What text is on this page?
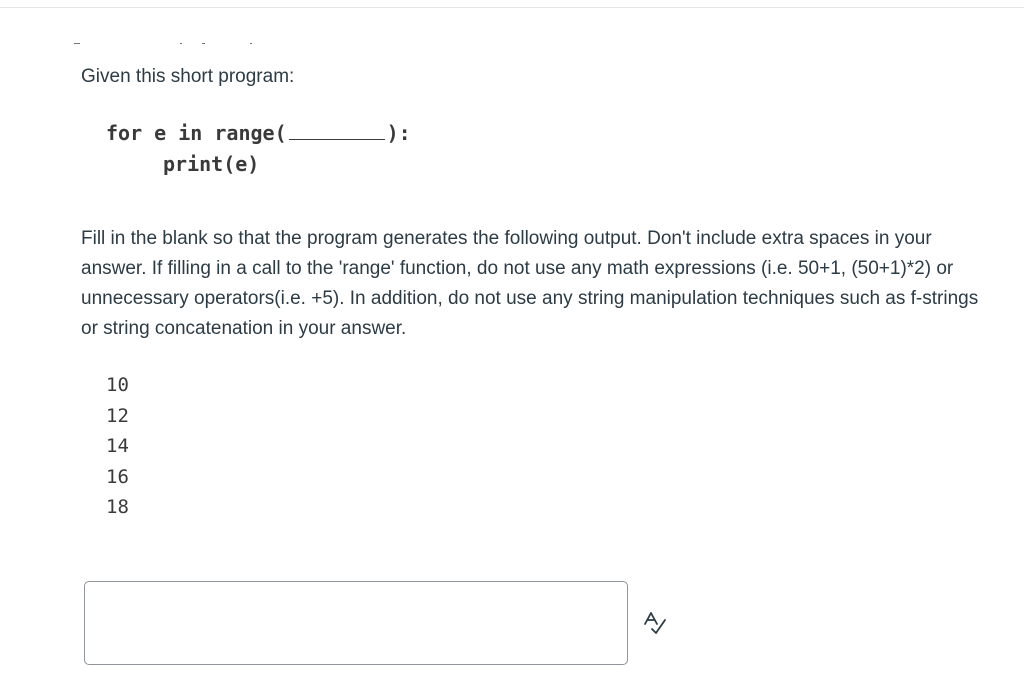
Given this short program:
for e in range(	):
print(e)

Fill in the blank so that the program generates the following output. Don't include extra spaces in your answer. If filling in a call to the 'range' function, do not use any math expressions (i.e. 50+1, (50+1)*2) or unnecessary operators(i.e. +5). In addition, do not use any string manipulation techniques such as f-strings or string concatenation in your answer.

10
12
14
16
18
